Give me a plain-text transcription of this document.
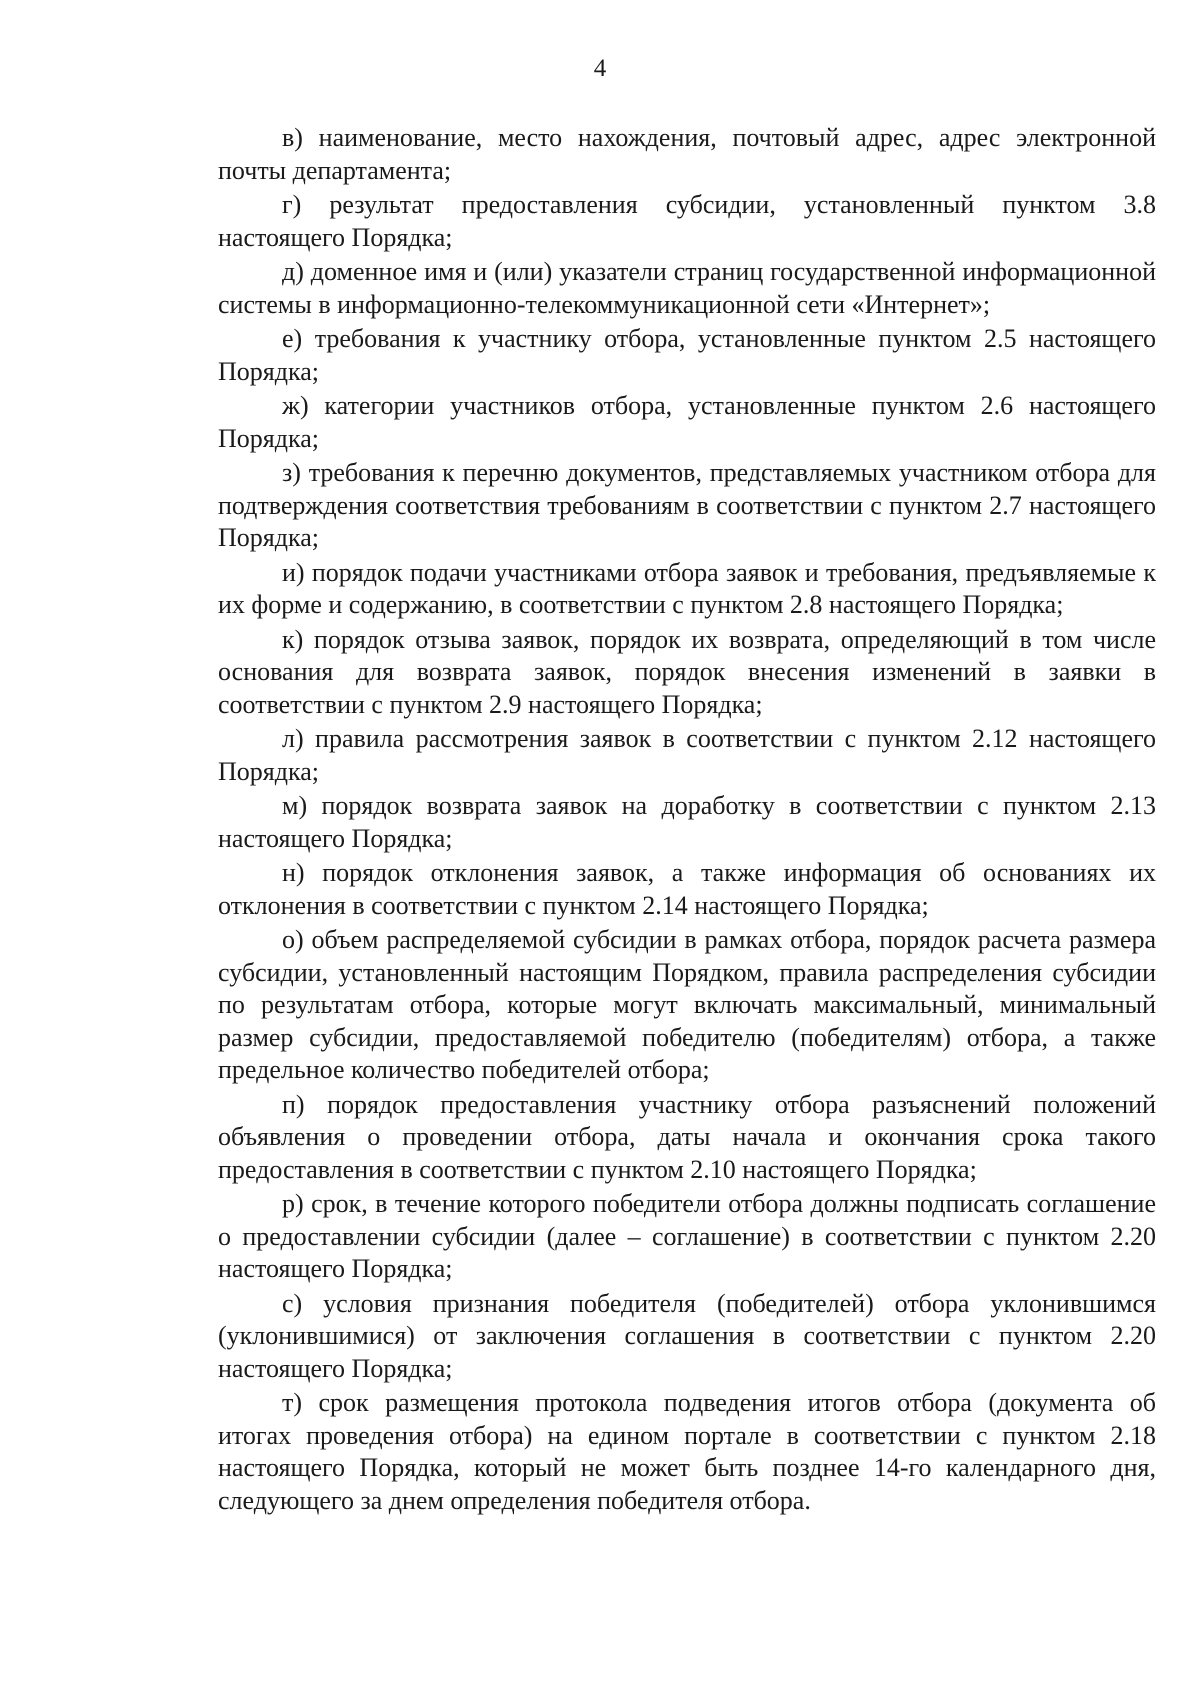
4

в) наименование, место нахождения, почтовый адрес, адрес электронной почты департамента;

г) результат предоставления субсидии, установленный пунктом 3.8 настоящего Порядка;

д) доменное имя и (или) указатели страниц государственной информационной системы в информационно-телекоммуникационной сети «Интернет»;

е) требования к участнику отбора, установленные пунктом 2.5 настоящего Порядка;

ж) категории участников отбора, установленные пунктом 2.6 настоящего Порядка;

з) требования к перечню документов, представляемых участником отбора для подтверждения соответствия требованиям в соответствии с пунктом 2.7 настоящего Порядка;

и) порядок подачи участниками отбора заявок и требования, предъявляемые к их форме и содержанию, в соответствии с пунктом 2.8 настоящего Порядка;

к) порядок отзыва заявок, порядок их возврата, определяющий в том числе основания для возврата заявок, порядок внесения изменений в заявки в соответствии с пунктом 2.9 настоящего Порядка;

л) правила рассмотрения заявок в соответствии с пунктом 2.12 настоящего Порядка;

м) порядок возврата заявок на доработку в соответствии с пунктом 2.13 настоящего Порядка;

н) порядок отклонения заявок, а также информация об основаниях их отклонения в соответствии с пунктом 2.14 настоящего Порядка;

о) объем распределяемой субсидии в рамках отбора, порядок расчета размера субсидии, установленный настоящим Порядком, правила распределения субсидии по результатам отбора, которые могут включать максимальный, минимальный размер субсидии, предоставляемой победителю (победителям) отбора, а также предельное количество победителей отбора;

п) порядок предоставления участнику отбора разъяснений положений объявления о проведении отбора, даты начала и окончания срока такого предоставления в соответствии с пунктом 2.10 настоящего Порядка;

р) срок, в течение которого победители отбора должны подписать соглашение о предоставлении субсидии (далее – соглашение) в соответствии с пунктом 2.20 настоящего Порядка;

с) условия признания победителя (победителей) отбора уклонившимся (уклонившимися) от заключения соглашения в соответствии с пунктом 2.20 настоящего Порядка;

т) срок размещения протокола подведения итогов отбора (документа об итогах проведения отбора) на едином портале в соответствии с пунктом 2.18 настоящего Порядка, который не может быть позднее 14-го календарного дня, следующего за днем определения победителя отбора.
